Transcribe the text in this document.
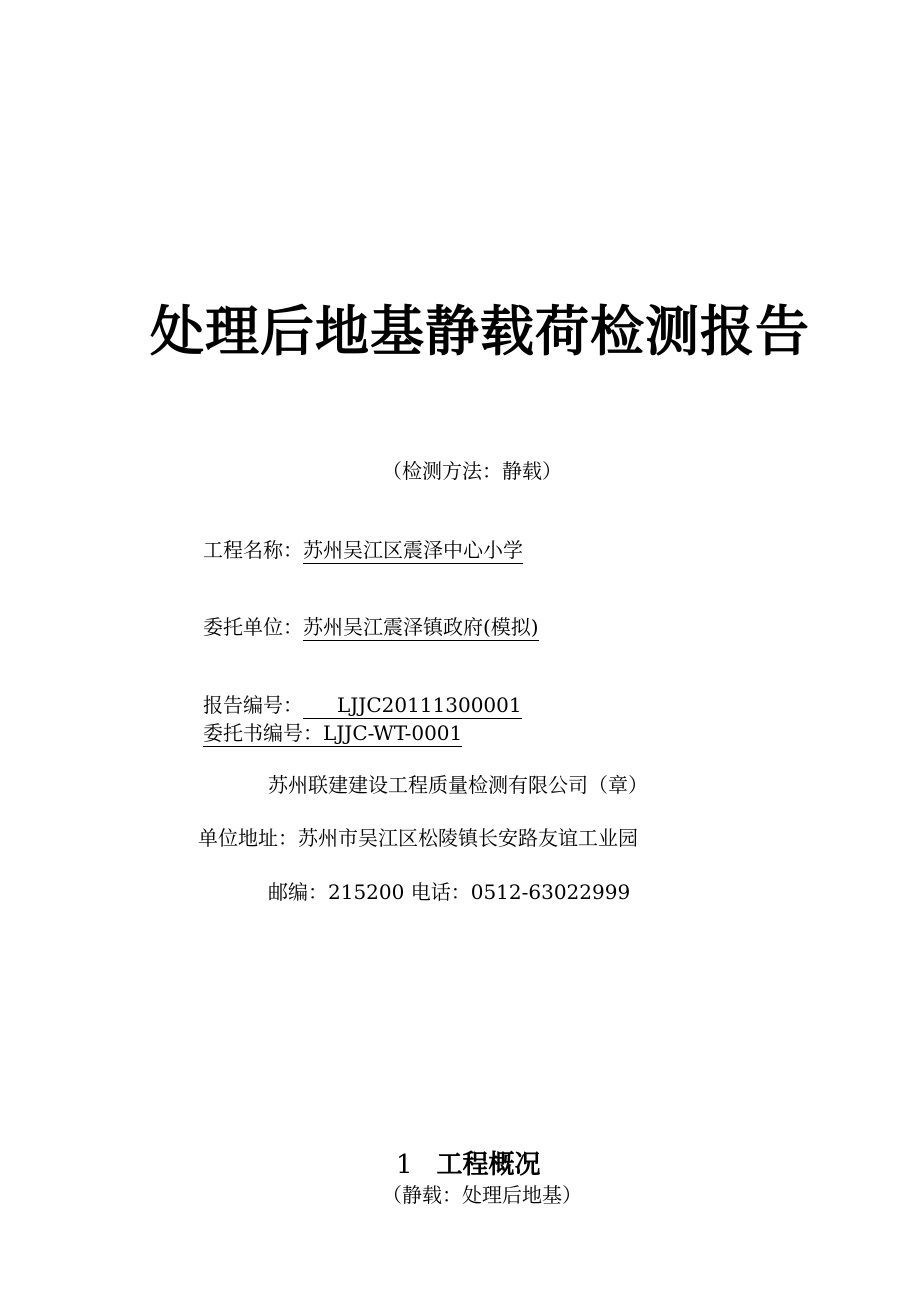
处理后地基静载荷检测报告
（检测方法：静载）
工程名称：苏州吴江区震泽中心小学
委托单位：苏州吴江震泽镇政府(模拟)
报告编号： LJJC20111300001
委托书编号：LJJC-WT-0001
苏州联建建设工程质量检测有限公司（章）
单位地址：苏州市吴江区松陵镇长安路友谊工业园
邮编：215200 电话：0512-63022999
1 工程概况
（静载：处理后地基）
